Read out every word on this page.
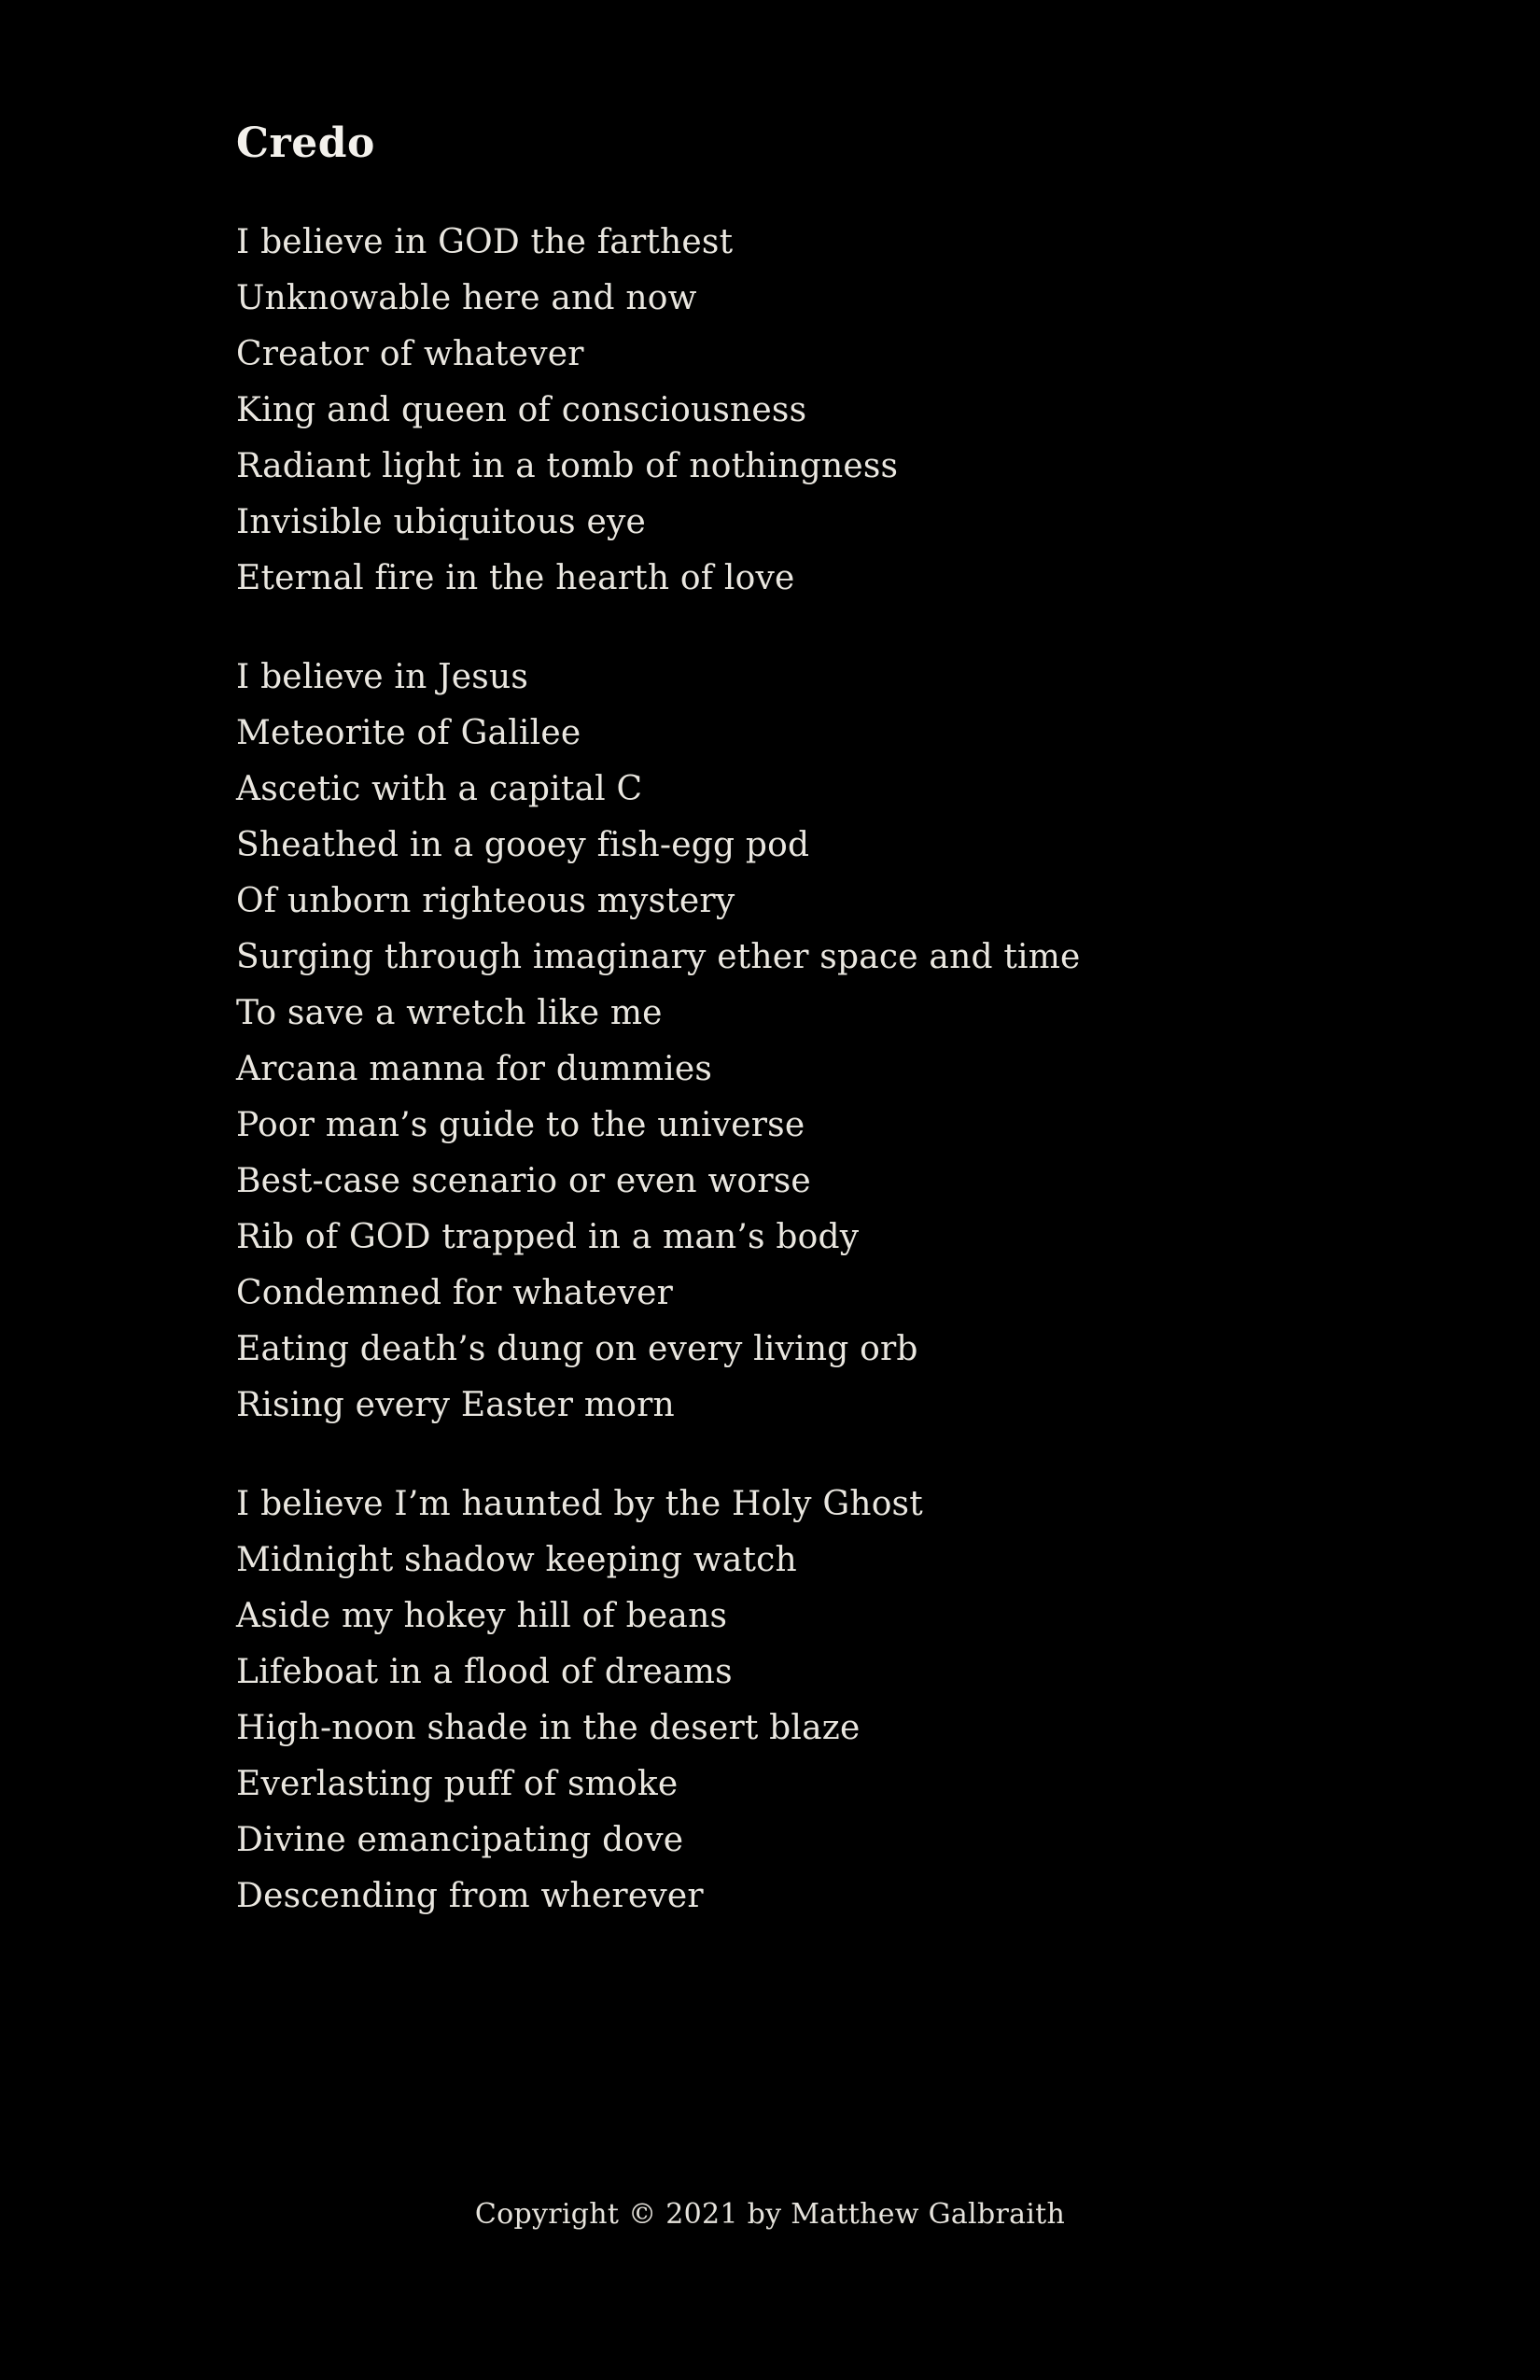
Credo
I believe in GOD the farthest
Unknowable here and now
Creator of whatever
King and queen of consciousness
Radiant light in a tomb of nothingness
Invisible ubiquitous eye
Eternal fire in the hearth of love
I believe in Jesus
Meteorite of Galilee
Ascetic with a capital C
Sheathed in a gooey fish-egg pod
Of unborn righteous mystery
Surging through imaginary ether space and time
To save a wretch like me
Arcana manna for dummies
Poor man’s guide to the universe
Best-case scenario or even worse
Rib of GOD trapped in a man’s body
Condemned for whatever
Eating death’s dung on every living orb
Rising every Easter morn
I believe I’m haunted by the Holy Ghost
Midnight shadow keeping watch
Aside my hokey hill of beans
Lifeboat in a flood of dreams
High-noon shade in the desert blaze
Everlasting puff of smoke
Divine emancipating dove
Descending from wherever
Copyright © 2021 by Matthew Galbraith
